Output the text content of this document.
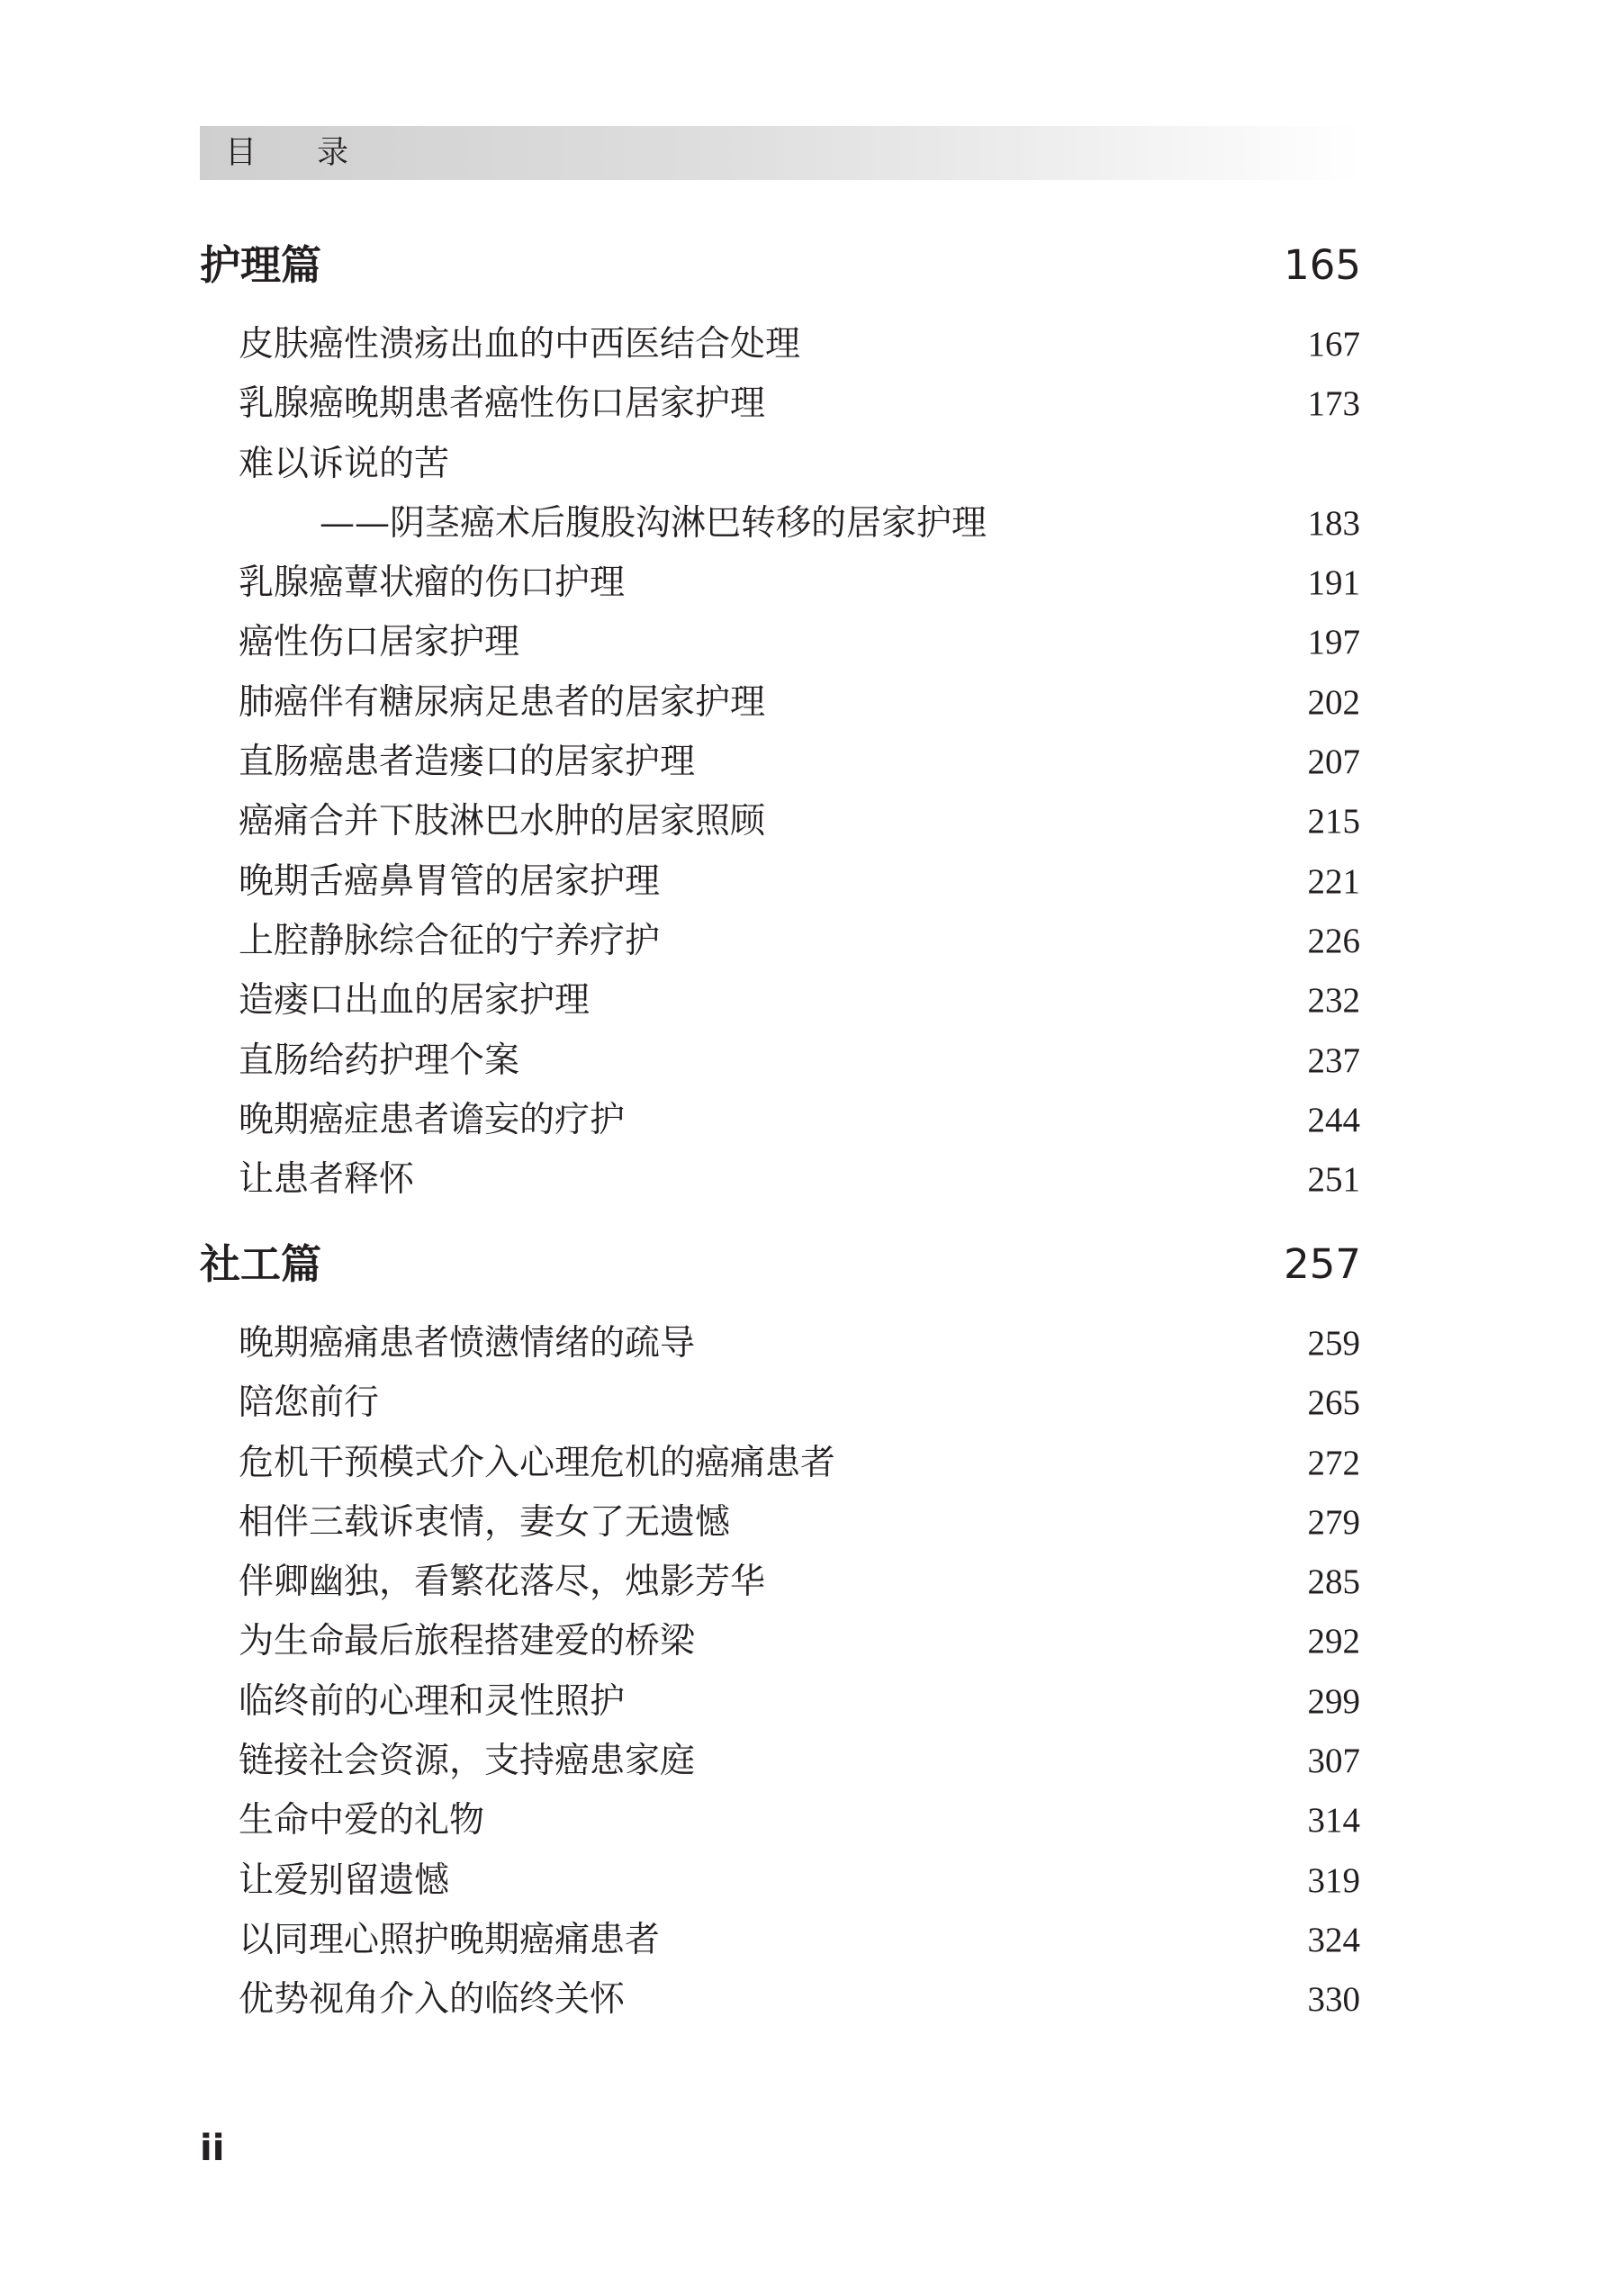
目 录
护理篇	165
皮肤癌性溃疡出血的中西医结合处理	167
乳腺癌晚期患者癌性伤口居家护理	173
难以诉说的苦
——阴茎癌术后腹股沟淋巴转移的居家护理	183
乳腺癌蕈状瘤的伤口护理	191
癌性伤口居家护理	197
肺癌伴有糖尿病足患者的居家护理	202
直肠癌患者造瘘口的居家护理	207
癌痛合并下肢淋巴水肿的居家照顾	215
晚期舌癌鼻胃管的居家护理	221
上腔静脉综合征的宁养疗护	226
造瘘口出血的居家护理	232
直肠给药护理个案	237
晚期癌症患者谵妄的疗护	244
让患者释怀	251
社工篇	257
晚期癌痛患者愤懑情绪的疏导	259
陪您前行	265
危机干预模式介入心理危机的癌痛患者	272
相伴三载诉衷情，妻女了无遗憾	279
伴卿幽独，看繁花落尽，烛影芳华	285
为生命最后旅程搭建爱的桥梁	292
临终前的心理和灵性照护	299
链接社会资源，支持癌患家庭	307
生命中爱的礼物	314
让爱别留遗憾	319
以同理心照护晚期癌痛患者	324
优势视角介入的临终关怀	330
ii
